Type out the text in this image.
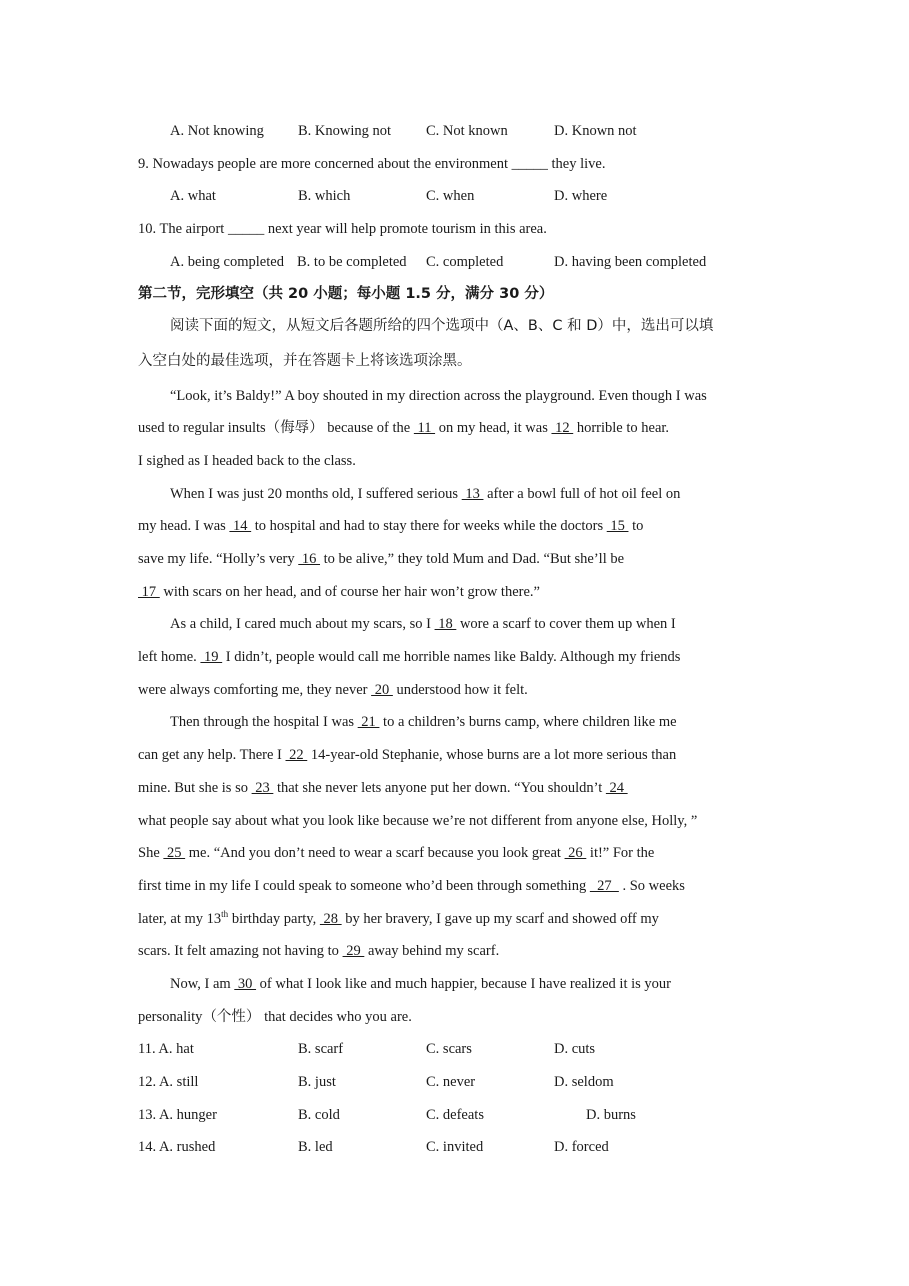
A. Not knowing B. Knowing not C. Not known	D. Known not
9. Nowadays people are more concerned about the environment _____ they live.
A. what	B. which	C. when	D. where
10. The airport _____ next year will help promote tourism in this area.
A. being completed B. to be completed C. completed	D. having been completed
第二节，完形填空（共 20 小题；每小题 1.5 分，满分 30 分）
阅读下面的短文，从短文后各题所给的四个选项中（A、B、C 和 D）中，选出可以填
入空白处的最佳选项，并在答题卡上将该选项涂黑。
“Look, it’s Baldy!” A boy shouted in my direction across the playground. Even though I was
used to regular insults（侮辱） because of the  11  on my head, it was  12  horrible to hear.
I sighed as I headed back to the class.
When I was just 20 months old, I suffered serious  13  after a bowl full of hot oil feel on
my head. I was  14  to hospital and had to stay there for weeks while the doctors  15  to
save my life. “Holly’s very  16  to be alive,” they told Mum and Dad. “But she’ll be
17  with scars on her head, and of course her hair won’t grow there.”
As a child, I cared much about my scars, so I  18  wore a scarf to cover them up when I
left home.  19  I didn’t, people would call me horrible names like Baldy. Although my friends
were always comforting me, they never  20  understood how it felt.
Then through the hospital I was  21  to a children’s burns camp, where children like me
can get any help. There I  22  14-year-old Stephanie, whose burns are a lot more serious than
mine. But she is so  23  that she never lets anyone put her down. “You shouldn’t  24
what people say about what you look like because we’re not different from anyone else, Holly, ”
She  25  me. “And you don’t need to wear a scarf because you look great  26  it!” For the
first time in my life I could speak to someone who’d been through something   27   . So weeks
later, at my 13th birthday party,  28  by her bravery, I gave up my scarf and showed off my
scars. It felt amazing not having to  29  away behind my scarf.
Now, I am  30  of what I look like and much happier, because I have realized it is your
personality（个性） that decides who you are.
11. A. hat	B. scarf	C. scars	D. cuts
12. A. still	B. just	C. never	D. seldom
13. A. hunger	B. cold	C. defeats	D. burns
14. A. rushed	B. led	C. invited	D. forced
